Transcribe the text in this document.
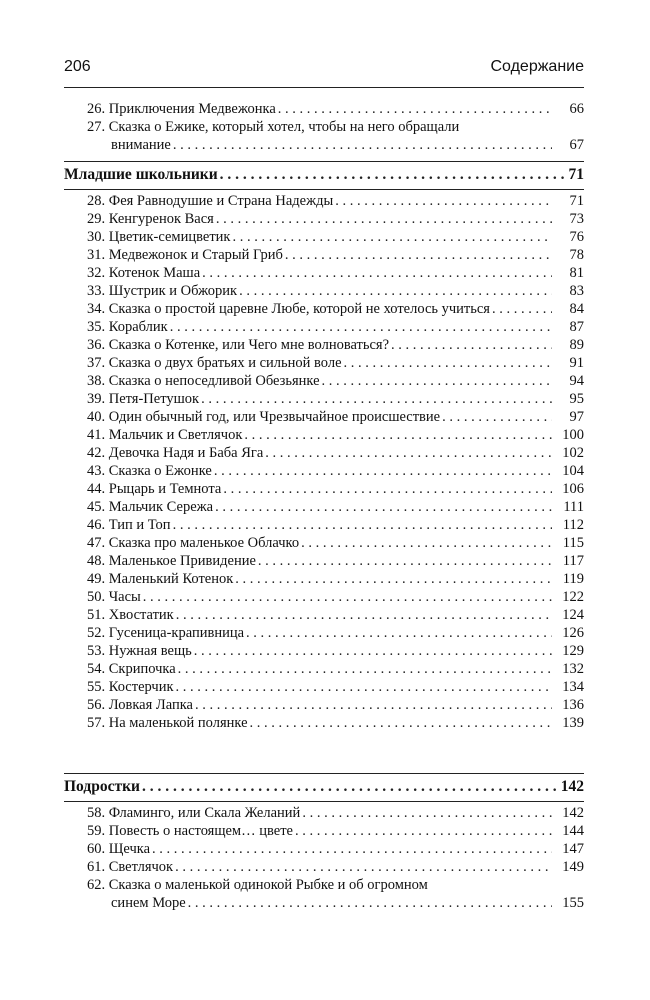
206	Содержание
26. Приключения Медвежонка . . .	66
27. Сказка о Ежике, который хотел, чтобы на него обращали
внимание . . .	67
Младшие школьники . . .	71
28. Фея Равнодушие и Страна Надежды . . .	71
29. Кенгуренок Вася . . .	73
30. Цветик-семицветик . . .	76
31. Медвежонок и Старый Гриб . . .	78
32. Котенок Маша . . .	81
33. Шустрик и Обжорик . . .	83
34. Сказка о простой царевне Любе, которой не хотелось учиться . . .	84
35. Кораблик . . .	87
36. Сказка о Котенке, или Чего мне волноваться? . . .	89
37. Сказка о двух братьях и сильной воле . . .	91
38. Сказка о непоседливой Обезьянке . . .	94
39. Петя-Петушок . . .	95
40. Один обычный год, или Чрезвычайное происшествие . . .	97
41. Мальчик и Светлячок . . .	100
42. Девочка Надя и Баба Яга . . .	102
43. Сказка о Ежонке . . .	104
44. Рыцарь и Темнота . . .	106
45. Мальчик Сережа . . .	111
46. Тип и Топ . . .	112
47. Сказка про маленькое Облачко . . .	115
48. Маленькое Привидение . . .	117
49. Маленький Котенок . . .	119
50. Часы . . .	122
51. Хвостатик . . .	124
52. Гусеница-крапивница . . .	126
53. Нужная вещь . . .	129
54. Скрипочка . . .	132
55. Костерчик . . .	134
56. Ловкая Лапка . . .	136
57. На маленькой полянке . . .	139
Подростки . . .	142
58. Фламинго, или Скала Желаний . . .	142
59. Повесть о настоящем… цвете . . .	144
60. Щечка . . .	147
61. Светлячок . . .	149
62. Сказка о маленькой одинокой Рыбке и об огромном
синем Море . . .	155
